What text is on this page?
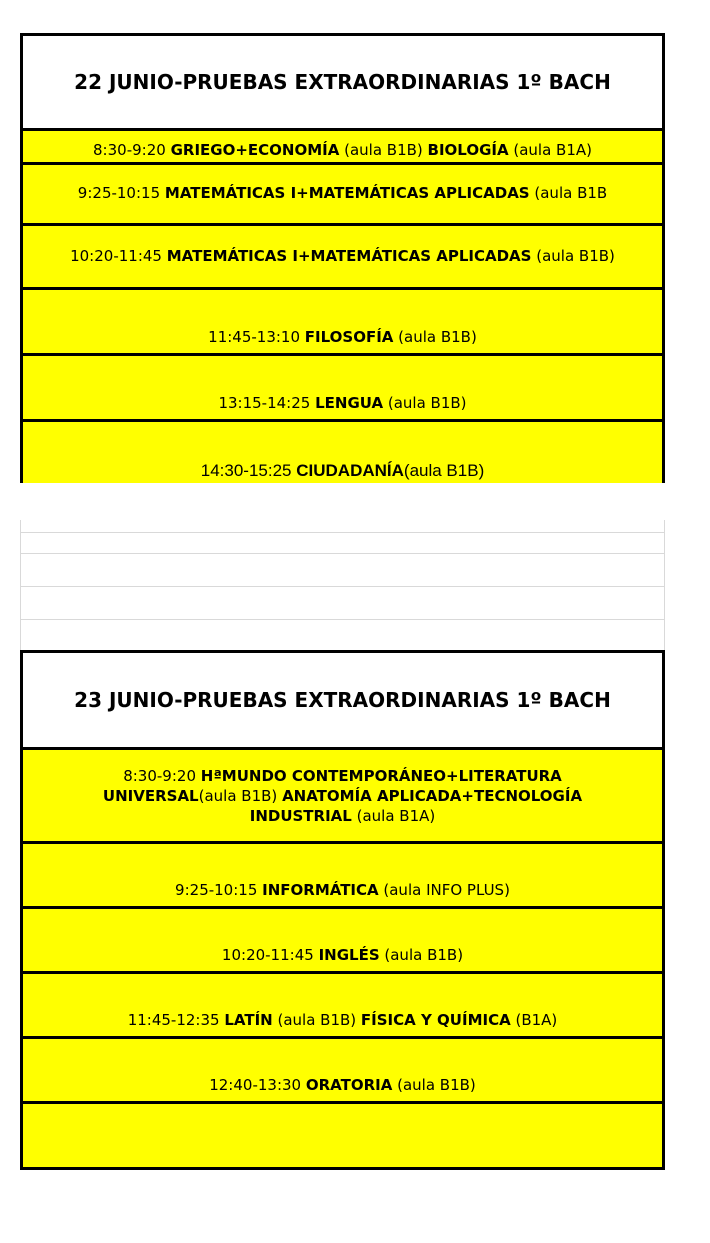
22 JUNIO-PRUEBAS EXTRAORDINARIAS 1º BACH
8:30-9:20 GRIEGO+ECONOMÍA (aula B1B) BIOLOGÍA (aula B1A)
9:25-10:15 MATEMÁTICAS I+MATEMÁTICAS APLICADAS (aula B1B
10:20-11:45 MATEMÁTICAS I+MATEMÁTICAS APLICADAS (aula B1B)
11:45-13:10 FILOSOFÍA (aula B1B)
13:15-14:25 LENGUA (aula B1B)
14:30-15:25 CIUDADANÍA(aula B1B)
23 JUNIO-PRUEBAS EXTRAORDINARIAS 1º BACH
8:30-9:20 HªMUNDO CONTEMPORÁNEO+LITERATURA UNIVERSAL(aula B1B) ANATOMÍA APLICADA+TECNOLOGÍA INDUSTRIAL (aula B1A)
9:25-10:15 INFORMÁTICA (aula INFO PLUS)
10:20-11:45 INGLÉS (aula B1B)
11:45-12:35 LATÍN (aula B1B) FÍSICA Y QUÍMICA (B1A)
12:40-13:30 ORATORIA (aula B1B)
